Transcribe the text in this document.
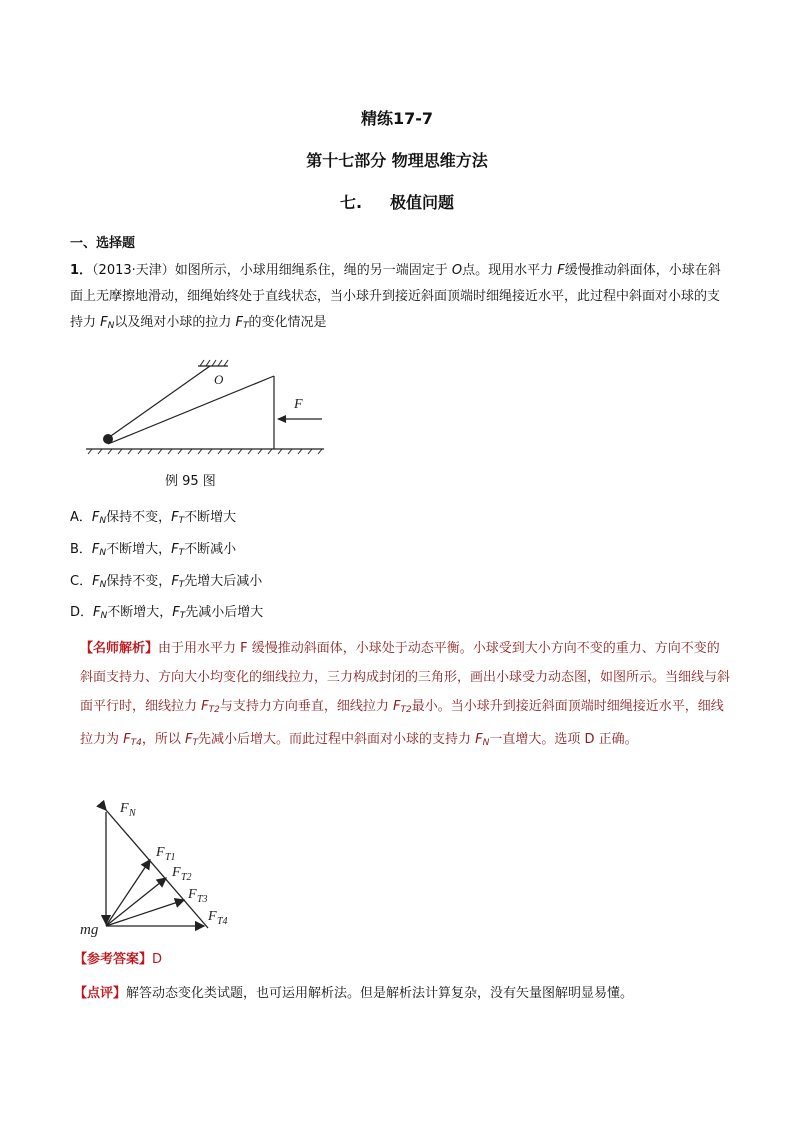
精练17-7
第十七部分 物理思维方法
七. 极值问题
一、选择题
1．（2013·天津）如图所示，小球用细绳系住，绳的另一端固定于 O点。现用水平力 F缓慢推动斜面体，小球在斜面上无摩擦地滑动，细绳始终处于直线状态，当小球升到接近斜面顶端时细绳接近水平，此过程中斜面对小球的支持力 $F_N$以及绳对小球的拉力 $F_T$的变化情况是
O
F
例 95 图
A．$F_N$保持不变，$F_T$不断增大
B．$F_N$不断增大，$F_T$不断减小
C．$F_N$保持不变，$F_T$先增大后减小
D．$F_N$不断增大，$F_T$先减小后增大
【名师解析】由于用水平力 F 缓慢推动斜面体，小球处于动态平衡。小球受到大小方向不变的重力、方向不变的斜面支持力、方向大小均变化的细线拉力，三力构成封闭的三角形，画出小球受力动态图，如图所示。当细线与斜面平行时，细线拉力 $F_{T2}$与支持力方向垂直，细线拉力 $F_{T2}$最小。当小球升到接近斜面顶端时细绳接近水平，细线拉力为 $F_{T4}$，所以 $F_T$先减小后增大。而此过程中斜面对小球的支持力 $F_N$一直增大。选项 D 正确。
F N
F T1
F T2
F T3
F T4
mg
【参考答案】D
【点评】解答动态变化类试题，也可运用解析法。但是解析法计算复杂，没有矢量图解明显易懂。
